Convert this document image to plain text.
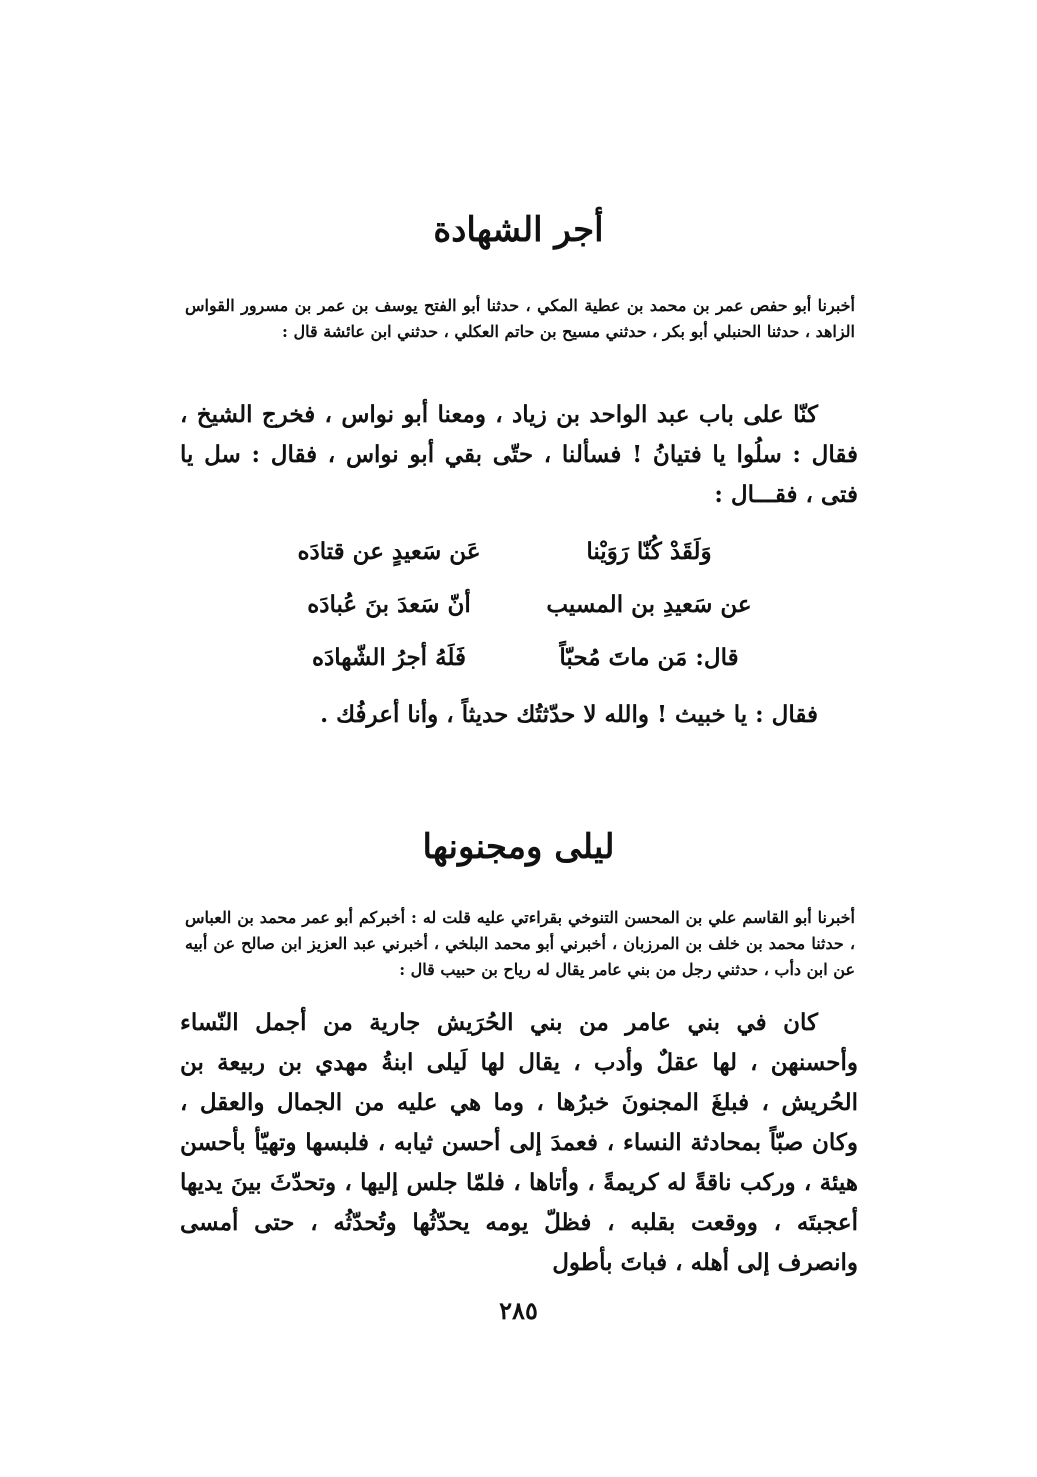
أجر الشهادة

أخبرنا أبو حفص عمر بن محمد بن عطية المكي ، حدثنا أبو الفتح يوسف بن عمر بن مسرور القواس الزاهد ، حدثنا الحنبلي أبو بكر ، حدثني مسيح بن حاتم العكلي ، حدثني ابن عائشة قال :

كنّا على باب عبد الواحد بن زياد ، ومعنا أبو نواس ، فخرج الشيخ ، فقال : سلُوا يا فتيانُ ! فسألنا ، حتّى بقي أبو نواس ، فقال : سل يا فتى ، فقـــال :

وَلَقَدْ كُنّا رَوَيْنا
عَن سَعيدٍ عن قتادَه
عن سَعيدِ بن المسيب
أنّ سَعدَ بنَ عُبادَه
قال: مَن ماتَ مُحبّاً
فَلَهُ أجرُ الشّهادَه

فقال : يا خبيث ! والله لا حدّثتُك حديثاً ، وأنا أعرفُك .

ليلى ومجنونها

أخبرنا أبو القاسم علي بن المحسن التنوخي بقراءتي عليه قلت له : أخبركم أبو عمر محمد بن العباس ، حدثنا محمد بن خلف بن المرزبان ، أخبرني أبو محمد البلخي ، أخبرني عبد العزيز ابن صالح عن أبيه عن ابن دأب ، حدثني رجل من بني عامر يقال له رياح بن حبيب قال :

كان في بني عامر من بني الحُرَيش جارية من أجمل النّساء وأحسنهن ، لها عقلٌ وأدب ، يقال لها لَيلى ابنةُ مهدي بن ربيعة بن الحُريش ، فبلغَ المجنونَ خبرُها ، وما هي عليه من الجمال والعقل ، وكان صبّاً بمحادثة النساء ، فعمدَ إلى أحسن ثيابه ، فلبسها وتهيّأ بأحسن هيئة ، وركب ناقةً له كريمةً ، وأتاها ، فلمّا جلس إليها ، وتحدّثَ بينَ يديها أعجبتَه ، ووقعت بقلبه ، فظلّ يومه يحدّثُها وتُحدّثُه ، حتى أمسى وانصرف إلى أهله ، فباتَ بأطول

٢٨٥
